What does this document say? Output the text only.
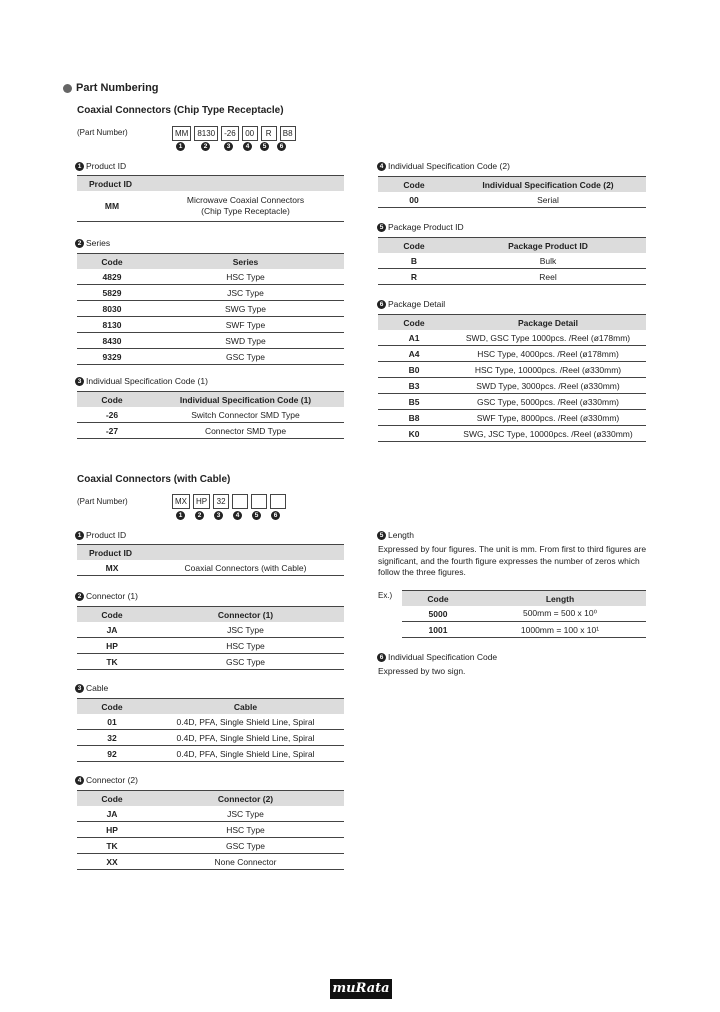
Part Numbering
Coaxial Connectors (Chip Type Receptacle)
(Part Number)	MM	8130	-26	00	R	B8
1	2	3	4	5	6
1 Product ID
Product ID
MM	Microwave Coaxial Connectors (Chip Type Receptacle)
2 Series
Code	Series
4829	HSC Type
5829	JSC Type
8030	SWG Type
8130	SWF Type
8430	SWD Type
9329	GSC Type
3 Individual Specification Code (1)
Code	Individual Specification Code (1)
-26	Switch Connector SMD Type
-27	Connector SMD Type
4 Individual Specification Code (2)
Code	Individual Specification Code (2)
00	Serial
5 Package Product ID
Code	Package Product ID
B	Bulk
R	Reel
6 Package Detail
Code	Package Detail
A1	SWD, GSC Type 1000pcs. /Reel (ø178mm)
A4	HSC Type, 4000pcs. /Reel (ø178mm)
B0	HSC Type, 10000pcs. /Reel (ø330mm)
B3	SWD Type, 3000pcs. /Reel (ø330mm)
B5	GSC Type, 5000pcs. /Reel (ø330mm)
B8	SWF Type, 8000pcs. /Reel (ø330mm)
K0	SWG, JSC Type, 10000pcs. /Reel (ø330mm)
Coaxial Connectors (with Cable)
(Part Number)	MX	HP	32
1	2	3	4	5	6
1 Product ID
Product ID
MX	Coaxial Connectors (with Cable)
2 Connector (1)
Code	Connector (1)
JA	JSC Type
HP	HSC Type
TK	GSC Type
3 Cable
Code	Cable
01	0.4D, PFA, Single Shield Line, Spiral
32	0.4D, PFA, Single Shield Line, Spiral
92	0.4D, PFA, Single Shield Line, Spiral
4 Connector (2)
Code	Connector (2)
JA	JSC Type
HP	HSC Type
TK	GSC Type
XX	None Connector
5 Length
Expressed by four figures. The unit is mm. From first to third figures are significant, and the fourth figure expresses the number of zeros which follow the three figures.
Ex.)	Code	Length
5000	500mm = 500 x 10⁰
1001	1000mm = 100 x 10¹
6 Individual Specification Code
Expressed by two sign.
muRata
